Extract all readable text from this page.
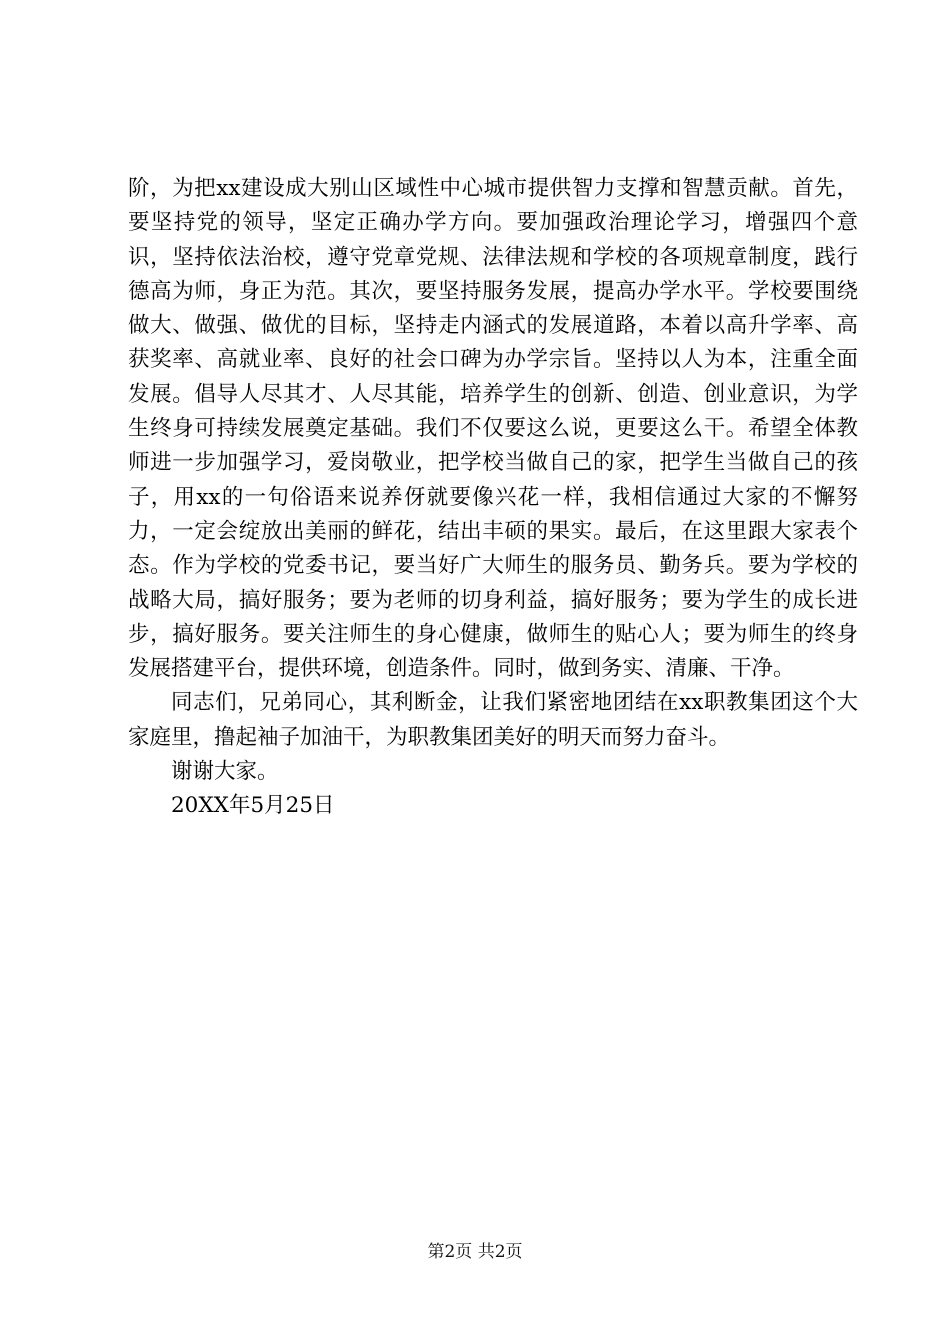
阶，为把xx建设成大别山区域性中心城市提供智力支撑和智慧贡献。首先，要坚持党的领导，坚定正确办学方向。要加强政治理论学习，增强四个意识，坚持依法治校，遵守党章党规、法律法规和学校的各项规章制度，践行德高为师，身正为范。其次，要坚持服务发展，提高办学水平。学校要围绕做大、做强、做优的目标，坚持走内涵式的发展道路，本着以高升学率、高获奖率、高就业率、良好的社会口碑为办学宗旨。坚持以人为本，注重全面发展。倡导人尽其才、人尽其能，培养学生的创新、创造、创业意识，为学生终身可持续发展奠定基础。我们不仅要这么说，更要这么干。希望全体教师进一步加强学习，爱岗敬业，把学校当做自己的家，把学生当做自己的孩子，用xx的一句俗语来说养伢就要像兴花一样，我相信通过大家的不懈努力，一定会绽放出美丽的鲜花，结出丰硕的果实。最后，在这里跟大家表个态。作为学校的党委书记，要当好广大师生的服务员、勤务兵。要为学校的战略大局，搞好服务；要为老师的切身利益，搞好服务；要为学生的成长进步，搞好服务。要关注师生的身心健康，做师生的贴心人；要为师生的终身发展搭建平台，提供环境，创造条件。同时，做到务实、清廉、干净。

同志们，兄弟同心，其利断金，让我们紧密地团结在xx职教集团这个大家庭里，撸起袖子加油干，为职教集团美好的明天而努力奋斗。

谢谢大家。

20XX年5月25日

第2页 共2页
